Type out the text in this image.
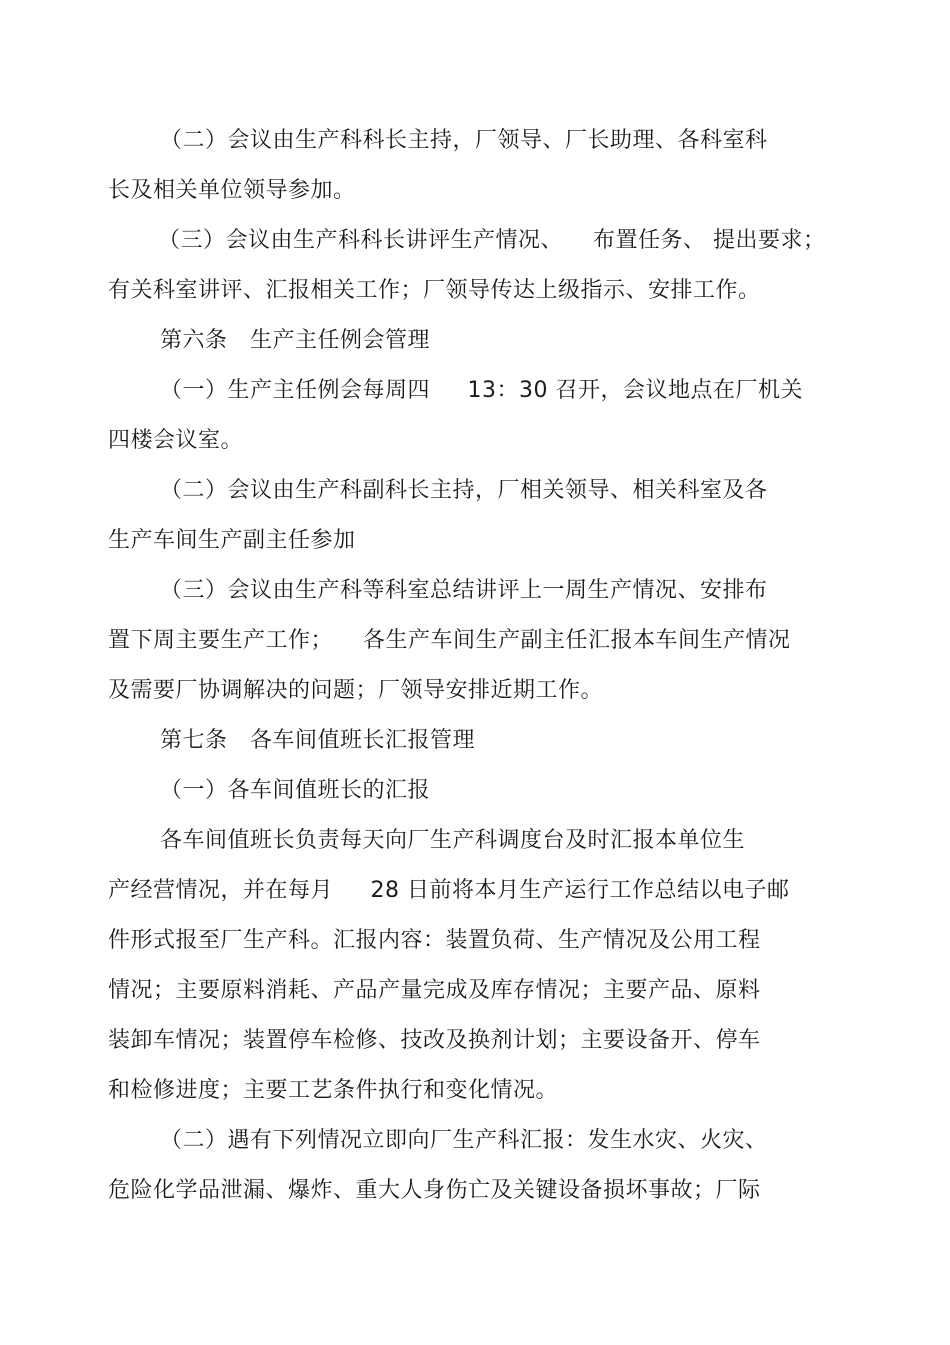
（二）会议由生产科科长主持，厂领导、厂长助理、各科室科
长及相关单位领导参加。
（三）会议由生产科科长讲评生产情况、    布置任务、 提出要求；
有关科室讲评、汇报相关工作；厂领导传达上级指示、安排工作。
第六条   生产主任例会管理
（一）生产主任例会每周四     13：30 召开，会议地点在厂机关
四楼会议室。
（二）会议由生产科副科长主持，厂相关领导、相关科室及各
生产车间生产副主任参加
（三）会议由生产科等科室总结讲评上一周生产情况、安排布
置下周主要生产工作；    各生产车间生产副主任汇报本车间生产情况
及需要厂协调解决的问题；厂领导安排近期工作。
第七条   各车间值班长汇报管理
（一）各车间值班长的汇报
各车间值班长负责每天向厂生产科调度台及时汇报本单位生
产经营情况，并在每月     28 日前将本月生产运行工作总结以电子邮
件形式报至厂生产科。汇报内容：装置负荷、生产情况及公用工程
情况；主要原料消耗、产品产量完成及库存情况；主要产品、原料
装卸车情况；装置停车检修、技改及换剂计划；主要设备开、停车
和检修进度；主要工艺条件执行和变化情况。
（二）遇有下列情况立即向厂生产科汇报：发生水灾、火灾、
危险化学品泄漏、爆炸、重大人身伤亡及关键设备损坏事故；厂际
